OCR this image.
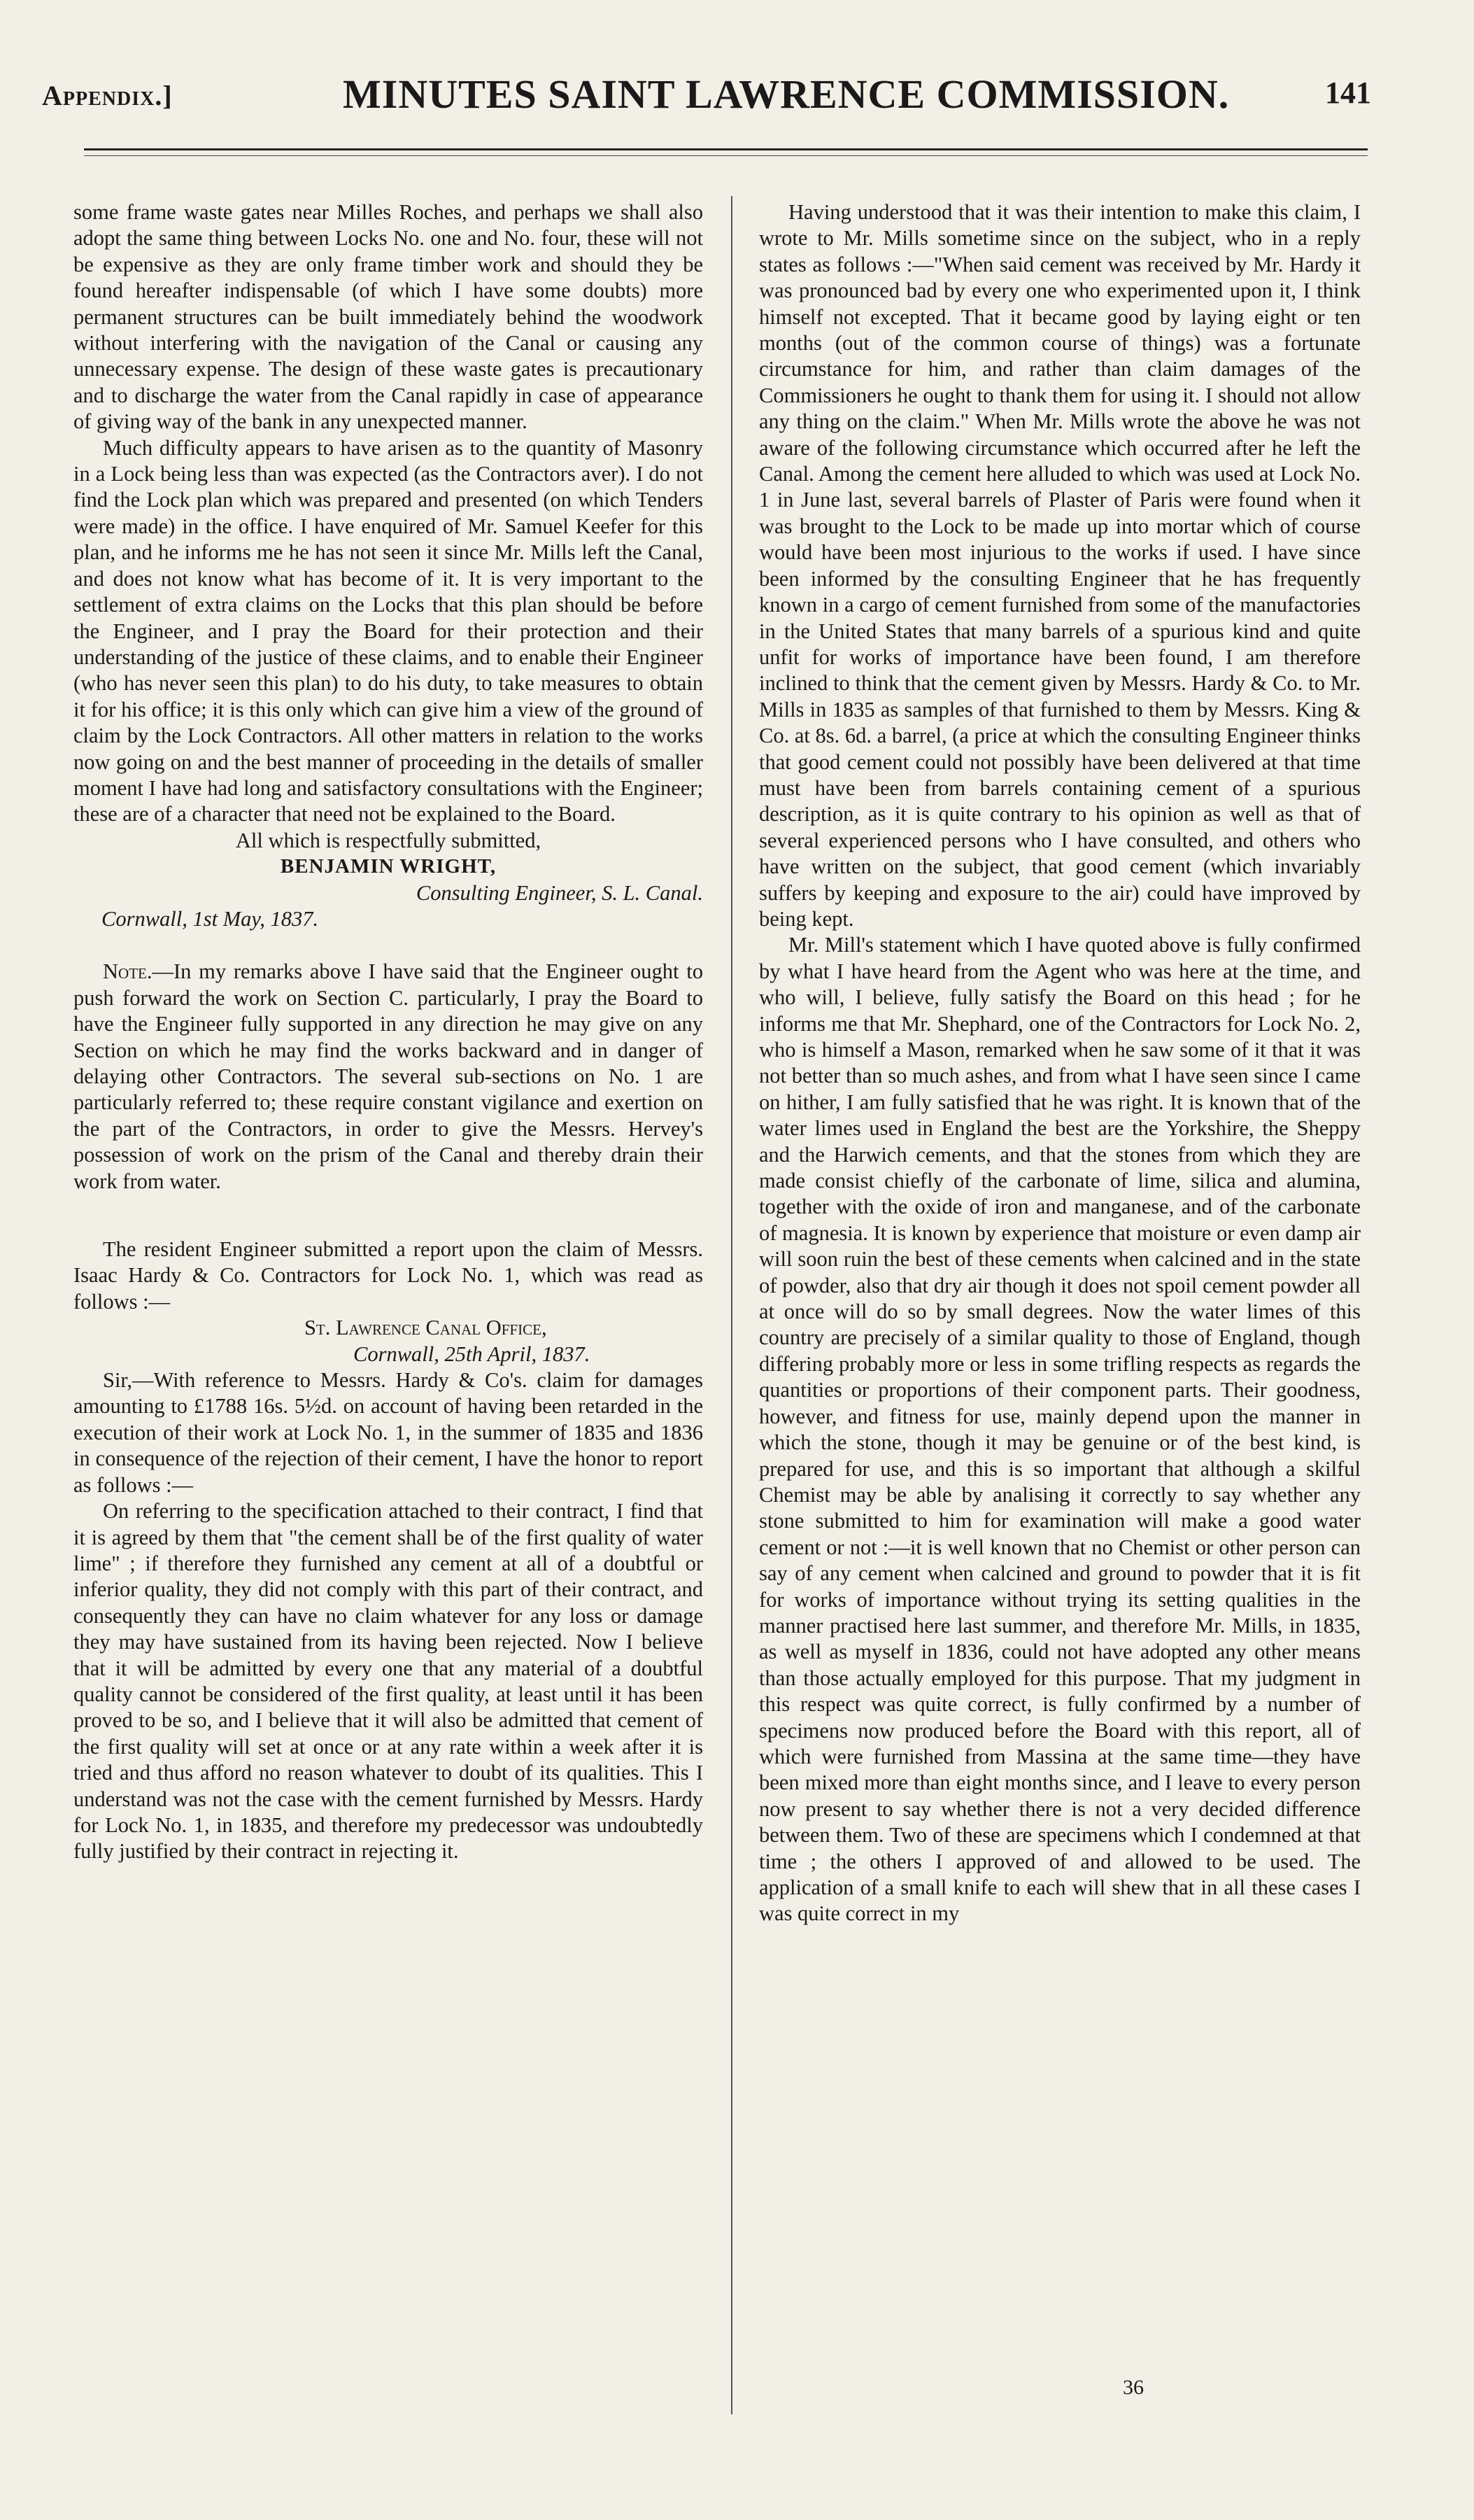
Appendix.]	MINUTES SAINT LAWRENCE COMMISSION.	141

some frame waste gates near Milles Roches, and perhaps we shall also adopt the same thing between Locks No. one and No. four, these will not be expensive as they are only frame timber work and should they be found hereafter indispensable (of which I have some doubts) more permanent structures can be built immediately behind the woodwork without interfering with the navigation of the Canal or causing any unnecessary expense. The design of these waste gates is precautionary and to discharge the water from the Canal rapidly in case of appearance of giving way of the bank in any unexpected manner.

Much difficulty appears to have arisen as to the quantity of Masonry in a Lock being less than was expected (as the Contractors aver). I do not find the Lock plan which was prepared and presented (on which Tenders were made) in the office. I have enquired of Mr. Samuel Keefer for this plan, and he informs me he has not seen it since Mr. Mills left the Canal, and does not know what has become of it. It is very important to the settlement of extra claims on the Locks that this plan should be before the Engineer, and I pray the Board for their protection and their understanding of the justice of these claims, and to enable their Engineer (who has never seen this plan) to do his duty, to take measures to obtain it for his office; it is this only which can give him a view of the ground of claim by the Lock Contractors. All other matters in relation to the works now going on and the best manner of proceeding in the details of smaller moment I have had long and satisfactory consultations with the Engineer; these are of a character that need not be explained to the Board.

All which is respectfully submitted,

BENJAMIN WRIGHT,

Consulting Engineer, S. L. Canal.

Cornwall, 1st May, 1837.

Note.—In my remarks above I have said that the Engineer ought to push forward the work on Section C. particularly, I pray the Board to have the Engineer fully supported in any direction he may give on any Section on which he may find the works backward and in danger of delaying other Contractors. The several sub-sections on No. 1 are particularly referred to; these require constant vigilance and exertion on the part of the Contractors, in order to give the Messrs. Hervey's possession of work on the prism of the Canal and thereby drain their work from water.

The resident Engineer submitted a report upon the claim of Messrs. Isaac Hardy & Co. Contractors for Lock No. 1, which was read as follows :—

St. Lawrence Canal Office,

Cornwall, 25th April, 1837.

Sir,—With reference to Messrs. Hardy & Co's. claim for damages amounting to £1788 16s. 5½d. on account of having been retarded in the execution of their work at Lock No. 1, in the summer of 1835 and 1836 in consequence of the rejection of their cement, I have the honor to report as follows :—

On referring to the specification attached to their contract, I find that it is agreed by them that "the cement shall be of the first quality of water lime" ; if therefore they furnished any cement at all of a doubtful or inferior quality, they did not comply with this part of their contract, and consequently they can have no claim whatever for any loss or damage they may have sustained from its having been rejected. Now I believe that it will be admitted by every one that any material of a doubtful quality cannot be considered of the first quality, at least until it has been proved to be so, and I believe that it will also be admitted that cement of the first quality will set at once or at any rate within a week after it is tried and thus afford no reason whatever to doubt of its qualities. This I understand was not the case with the cement furnished by Messrs. Hardy for Lock No. 1, in 1835, and therefore my predecessor was undoubtedly fully justified by their contract in rejecting it.

Having understood that it was their intention to make this claim, I wrote to Mr. Mills sometime since on the subject, who in a reply states as follows :—"When said cement was received by Mr. Hardy it was pronounced bad by every one who experimented upon it, I think himself not excepted. That it became good by laying eight or ten months (out of the common course of things) was a fortunate circumstance for him, and rather than claim damages of the Commissioners he ought to thank them for using it. I should not allow any thing on the claim." When Mr. Mills wrote the above he was not aware of the following circumstance which occurred after he left the Canal. Among the cement here alluded to which was used at Lock No. 1 in June last, several barrels of Plaster of Paris were found when it was brought to the Lock to be made up into mortar which of course would have been most injurious to the works if used. I have since been informed by the consulting Engineer that he has frequently known in a cargo of cement furnished from some of the manufactories in the United States that many barrels of a spurious kind and quite unfit for works of importance have been found, I am therefore inclined to think that the cement given by Messrs. Hardy & Co. to Mr. Mills in 1835 as samples of that furnished to them by Messrs. King & Co. at 8s. 6d. a barrel, (a price at which the consulting Engineer thinks that good cement could not possibly have been delivered at that time must have been from barrels containing cement of a spurious description, as it is quite contrary to his opinion as well as that of several experienced persons who I have consulted, and others who have written on the subject, that good cement (which invariably suffers by keeping and exposure to the air) could have improved by being kept.

Mr. Mill's statement which I have quoted above is fully confirmed by what I have heard from the Agent who was here at the time, and who will, I believe, fully satisfy the Board on this head ; for he informs me that Mr. Shephard, one of the Contractors for Lock No. 2, who is himself a Mason, remarked when he saw some of it that it was not better than so much ashes, and from what I have seen since I came on hither, I am fully satisfied that he was right. It is known that of the water limes used in England the best are the Yorkshire, the Sheppy and the Harwich cements, and that the stones from which they are made consist chiefly of the carbonate of lime, silica and alumina, together with the oxide of iron and manganese, and of the carbonate of magnesia. It is known by experience that moisture or even damp air will soon ruin the best of these cements when calcined and in the state of powder, also that dry air though it does not spoil cement powder all at once will do so by small degrees. Now the water limes of this country are precisely of a similar quality to those of England, though differing probably more or less in some trifling respects as regards the quantities or proportions of their component parts. Their goodness, however, and fitness for use, mainly depend upon the manner in which the stone, though it may be genuine or of the best kind, is prepared for use, and this is so important that although a skilful Chemist may be able by analising it correctly to say whether any stone submitted to him for examination will make a good water cement or not :—it is well known that no Chemist or other person can say of any cement when calcined and ground to powder that it is fit for works of importance without trying its setting qualities in the manner practised here last summer, and therefore Mr. Mills, in 1835, as well as myself in 1836, could not have adopted any other means than those actually employed for this purpose. That my judgment in this respect was quite correct, is fully confirmed by a number of specimens now produced before the Board with this report, all of which were furnished from Massina at the same time—they have been mixed more than eight months since, and I leave to every person now present to say whether there is not a very decided difference between them. Two of these are specimens which I condemned at that time ; the others I approved of and allowed to be used. The application of a small knife to each will shew that in all these cases I was quite correct in my

36
